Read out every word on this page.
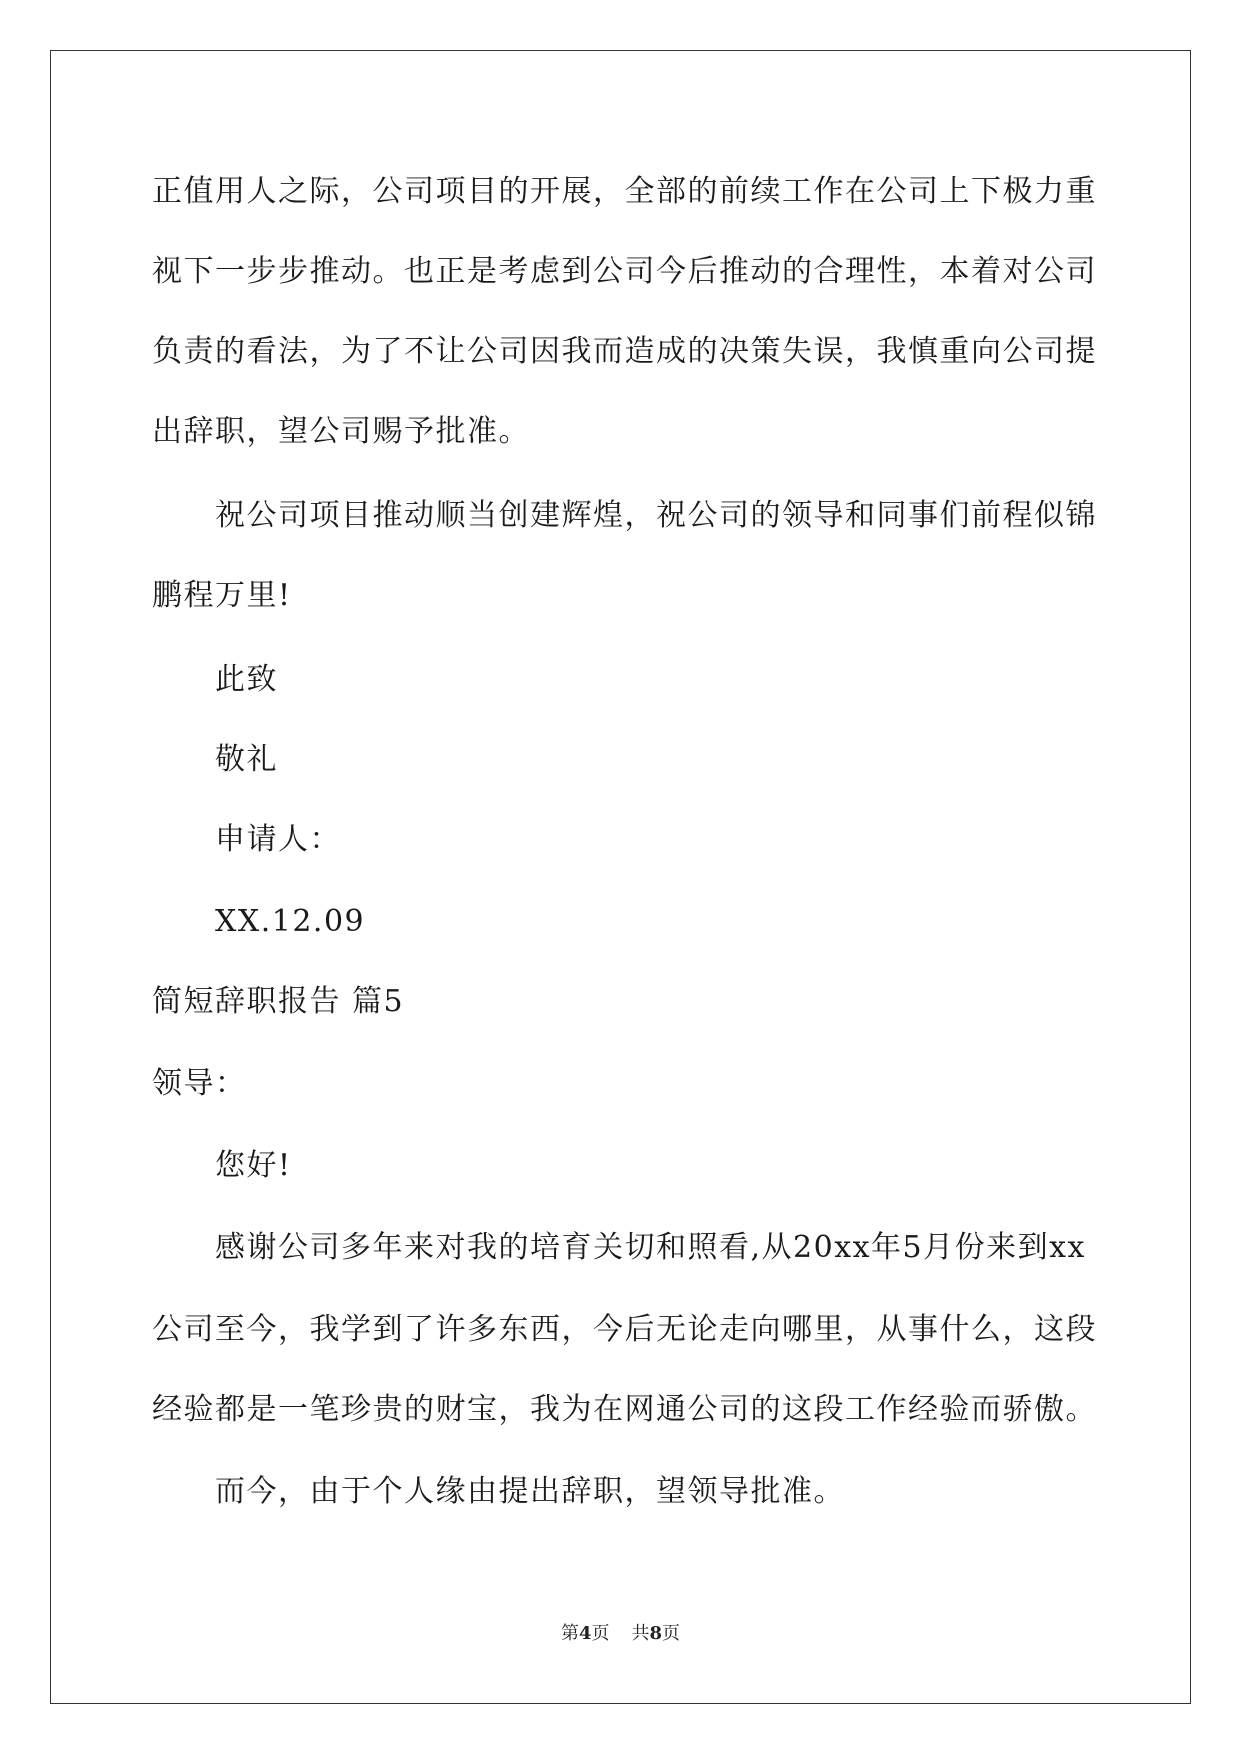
正值用人之际，公司项目的开展，全部的前续工作在公司上下极力重
视下一步步推动。也正是考虑到公司今后推动的合理性，本着对公司
负责的看法，为了不让公司因我而造成的决策失误，我慎重向公司提
出辞职，望公司赐予批准。
祝公司项目推动顺当创建辉煌，祝公司的领导和同事们前程似锦
鹏程万里!
此致
敬礼
申请人：
XX.12.09
简短辞职报告 篇5
领导：
您好!
感谢公司多年来对我的培育关切和照看,从20xx年5月份来到xx
公司至今，我学到了许多东西，今后无论走向哪里，从事什么，这段
经验都是一笔珍贵的财宝，我为在网通公司的这段工作经验而骄傲。
而今，由于个人缘由提出辞职，望领导批准。
第4页 共8页
